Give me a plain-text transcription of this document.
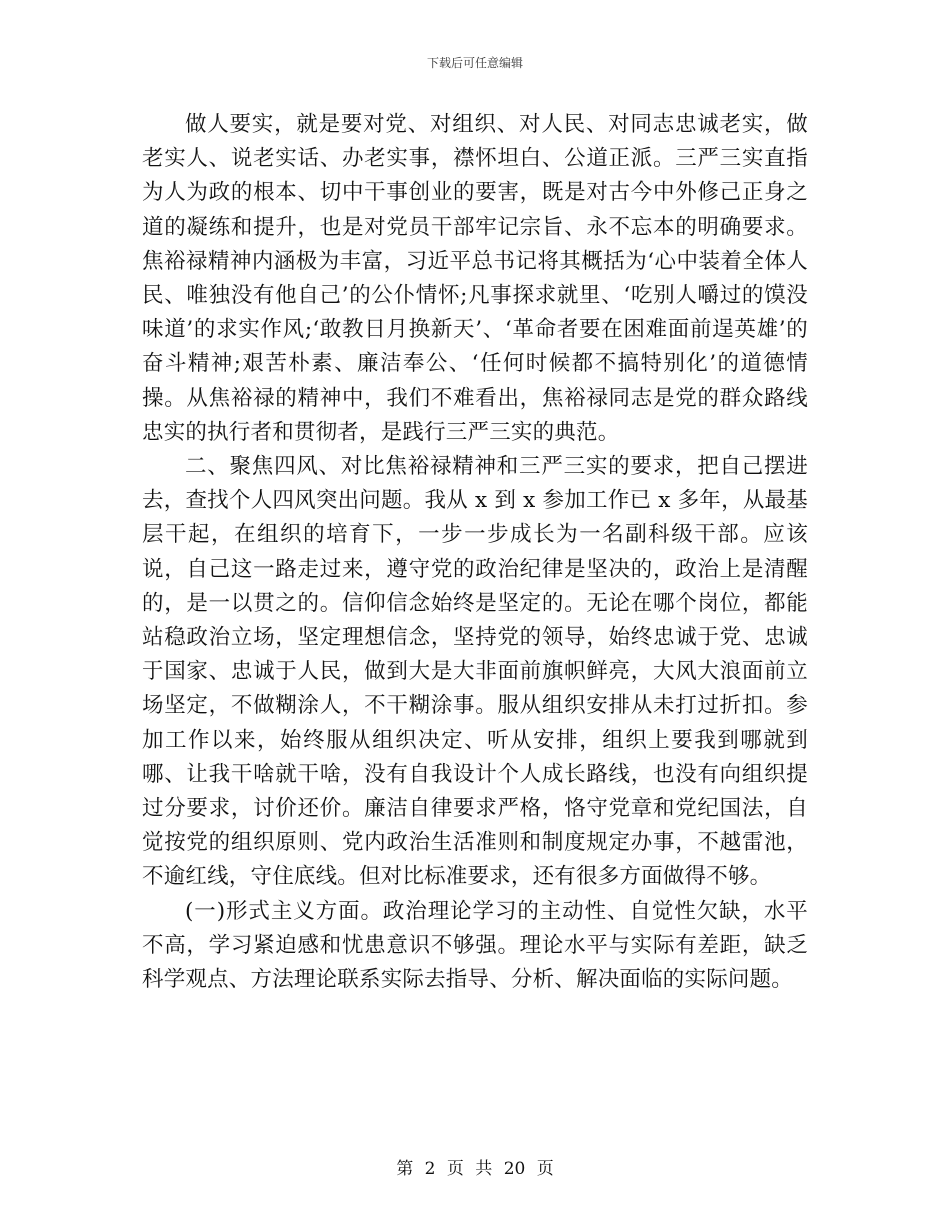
下载后可任意编辑

做人要实，就是要对党、对组织、对人民、对同志忠诚老实，做老实人、说老实话、办老实事，襟怀坦白、公道正派。三严三实直指为人为政的根本、切中干事创业的要害，既是对古今中外修己正身之道的凝练和提升，也是对党员干部牢记宗旨、永不忘本的明确要求。焦裕禄精神内涵极为丰富，习近平总书记将其概括为‘心中装着全体人民、唯独没有他自己’的公仆情怀;凡事探求就里、‘吃别人嚼过的馍没味道’的求实作风;‘敢教日月换新天’、‘革命者要在困难面前逞英雄’的奋斗精神;艰苦朴素、廉洁奉公、‘任何时候都不搞特别化’的道德情操。从焦裕禄的精神中，我们不难看出，焦裕禄同志是党的群众路线忠实的执行者和贯彻者，是践行三严三实的典范。

二、聚焦四风、对比焦裕禄精神和三严三实的要求，把自己摆进去，查找个人四风突出问题。我从 x 到 x 参加工作已 x 多年，从最基层干起，在组织的培育下，一步一步成长为一名副科级干部。应该说，自己这一路走过来，遵守党的政治纪律是坚决的，政治上是清醒的，是一以贯之的。信仰信念始终是坚定的。无论在哪个岗位，都能站稳政治立场，坚定理想信念，坚持党的领导，始终忠诚于党、忠诚于国家、忠诚于人民，做到大是大非面前旗帜鲜亮，大风大浪面前立场坚定，不做糊涂人，不干糊涂事。服从组织安排从未打过折扣。参加工作以来，始终服从组织决定、听从安排，组织上要我到哪就到哪、让我干啥就干啥，没有自我设计个人成长路线，也没有向组织提过分要求，讨价还价。廉洁自律要求严格，恪守党章和党纪国法，自觉按党的组织原则、党内政治生活准则和制度规定办事，不越雷池，不逾红线，守住底线。但对比标准要求，还有很多方面做得不够。

(一)形式主义方面。政治理论学习的主动性、自觉性欠缺，水平不高，学习紧迫感和忧患意识不够强。理论水平与实际有差距，缺乏科学观点、方法理论联系实际去指导、分析、解决面临的实际问题。

第 2 页 共 20 页
